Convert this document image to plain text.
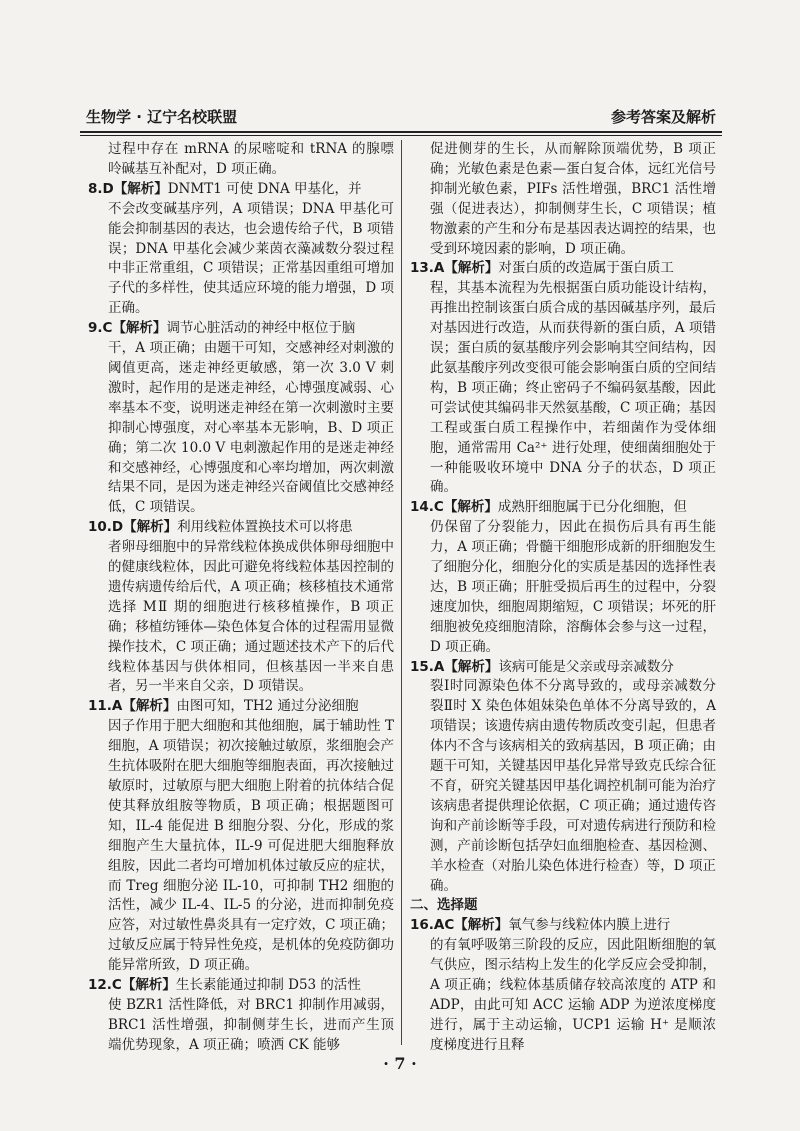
生物学 · 辽宁名校联盟	参考答案及解析

过程中存在 mRNA 的尿嘧啶和 tRNA 的腺嘌呤碱基互补配对，D 项正确。

8.D【解析】DNMT1 可使 DNA 甲基化，并
不会改变碱基序列，A 项错误；DNA 甲基化可能会抑制基因的表达，也会遗传给子代，B 项错误；DNA 甲基化会减少莱茵衣藻减数分裂过程中非正常重组，C 项错误；正常基因重组可增加子代的多样性，使其适应环境的能力增强，D 项正确。

9.C【解析】调节心脏活动的神经中枢位于脑
干，A 项正确；由题干可知，交感神经对刺激的阈值更高，迷走神经更敏感，第一次 3.0 V 刺激时，起作用的是迷走神经，心博强度减弱、心率基本不变，说明迷走神经在第一次刺激时主要抑制心博强度，对心率基本无影响，B、D 项正确；第二次 10.0 V 电刺激起作用的是迷走神经和交感神经，心博强度和心率均增加，两次刺激结果不同，是因为迷走神经兴奋阈值比交感神经低，C 项错误。

10.D【解析】利用线粒体置换技术可以将患
者卵母细胞中的异常线粒体换成供体卵母细胞中的健康线粒体，因此可避免将线粒体基因控制的遗传病遗传给后代，A 项正确；核移植技术通常选择 MⅡ 期的细胞进行核移植操作，B 项正确；移植纺锤体—染色体复合体的过程需用显微操作技术，C 项正确；通过题述技术产下的后代线粒体基因与供体相同，但核基因一半来自患者，另一半来自父亲，D 项错误。

11.A【解析】由图可知，TH2 通过分泌细胞
因子作用于肥大细胞和其他细胞，属于辅助性 T 细胞，A 项错误；初次接触过敏原，浆细胞会产生抗体吸附在肥大细胞等细胞表面，再次接触过敏原时，过敏原与肥大细胞上附着的抗体结合促使其释放组胺等物质，B 项正确；根据题图可知，IL-4 能促进 B 细胞分裂、分化，形成的浆细胞产生大量抗体，IL-9 可促进肥大细胞释放组胺，因此二者均可增加机体过敏反应的症状，而 Treg 细胞分泌 IL-10，可抑制 TH2 细胞的活性，减少 IL-4、IL-5 的分泌，进而抑制免疫应答，对过敏性鼻炎具有一定疗效，C 项正确；过敏反应属于特异性免疫，是机体的免疫防御功能异常所致，D 项正确。

12.C【解析】生长素能通过抑制 D53 的活性
使 BZR1 活性降低，对 BRC1 抑制作用减弱，BRC1 活性增强，抑制侧芽生长，进而产生顶端优势现象，A 项正确；喷洒 CK 能够

促进侧芽的生长，从而解除顶端优势，B 项正确；光敏色素是色素—蛋白复合体，远红光信号抑制光敏色素，PIFs 活性增强，BRC1 活性增强（促进表达），抑制侧芽生长，C 项错误；植物激素的产生和分布是基因表达调控的结果，也受到环境因素的影响，D 项正确。

13.A【解析】对蛋白质的改造属于蛋白质工
程，其基本流程为先根据蛋白质功能设计结构，再推出控制该蛋白质合成的基因碱基序列，最后对基因进行改造，从而获得新的蛋白质，A 项错误；蛋白质的氨基酸序列会影响其空间结构，因此氨基酸序列改变很可能会影响蛋白质的空间结构，B 项正确；终止密码子不编码氨基酸，因此可尝试使其编码非天然氨基酸，C 项正确；基因工程或蛋白质工程操作中，若细菌作为受体细胞，通常需用 Ca²⁺ 进行处理，使细菌细胞处于一种能吸收环境中 DNA 分子的状态，D 项正确。

14.C【解析】成熟肝细胞属于已分化细胞，但
仍保留了分裂能力，因此在损伤后具有再生能力，A 项正确；骨髓干细胞形成新的肝细胞发生了细胞分化，细胞分化的实质是基因的选择性表达，B 项正确；肝脏受损后再生的过程中，分裂速度加快，细胞周期缩短，C 项错误；坏死的肝细胞被免疫细胞清除，溶酶体会参与这一过程，D 项正确。

15.A【解析】该病可能是父亲或母亲减数分
裂Ⅰ时同源染色体不分离导致的，或母亲减数分裂Ⅱ时 X 染色体姐妹染色单体不分离导致的，A 项错误；该遗传病由遗传物质改变引起，但患者体内不含与该病相关的致病基因，B 项正确；由题干可知，关键基因甲基化异常导致克氏综合征不育，研究关键基因甲基化调控机制可能为治疗该病患者提供理论依据，C 项正确；通过遗传咨询和产前诊断等手段，可对遗传病进行预防和检测，产前诊断包括孕妇血细胞检查、基因检测、羊水检查（对胎儿染色体进行检查）等，D 项正确。

二、选择题

16.AC【解析】氧气参与线粒体内膜上进行
的有氧呼吸第三阶段的反应，因此阻断细胞的氧气供应，图示结构上发生的化学反应会受抑制，A 项正确；线粒体基质储存较高浓度的 ATP 和 ADP，由此可知 ACC 运输 ADP 为逆浓度梯度进行，属于主动运输，UCP1 运输 H⁺ 是顺浓度梯度进行且释

· 7 ·
